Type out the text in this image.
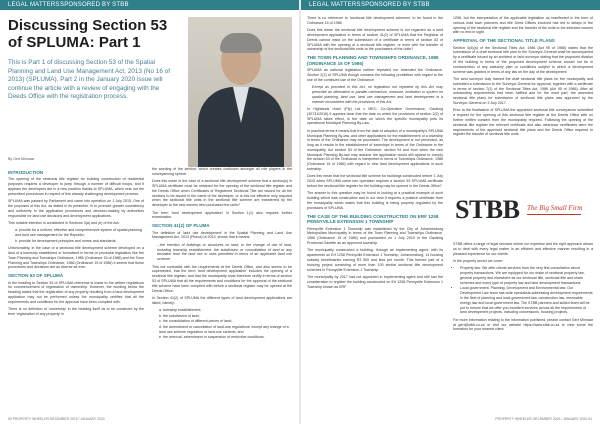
LEGAL MATTERS SPONSORED BY STBB	LEGAL MATTERS SPONSORED BY STBB
Discussing Section 53 of SPLUMA: Part 1

This is Part 1 of discussing Section 53 of the Spatial Planning and Land Use Management Act, 2013 (No 16 of 2013) (SPLUMA). Part 2 in the January 2020 issue will continue the article with a review of engaging with the Deeds Office with the registration process.

By Gert Minnaar

INTRODUCTION

The opening of the sectional title register for building construction of residential purposes requires a developer to jump through a number of difficult hoops, and it appears the developers are in a new position thanks to SPLUMA, which sets out the prescribed procedures in respect of this already challenging development process.

SPLUMA was passed by Parliament and came into operation on 1 July 2015. One of the purposes of this Act, as stated in its preamble, is to promote greater consistency and uniformity in the application procedures and decision-making by authorities responsible for land use decisions and development applications.

This notable intention is constituted in Sections 3(a) and (b) of the Act:

a. provide for a uniform, effective and comprehensive system of spatial planning and land use management for the Republic;
b. provide for development principles and norms and standards;

Unfortunately, in the case of a sectional title development scheme developed on a land of a township established or formalised in terms of provincial legislation like the Town Planning and Townships Ordinance, 1986 (Ordinance 15 of 1986) and the Town Planning and Townships Ordinance, 1986 (Ordinance 15 of 1986) it seems that these procedures and decisions are as diverse as ever.

SECTION 53 OF SPLUMA

In the heading to Section 53 of SPLUMA reference is made to the written regulations for commencement of registration of ownership. However, the wording below the heading states that the registration of any property resulting from a land development application may not be performed unless the municipality certifies that all the requirements and conditions for the approval have been complied with.

There is no definition of 'ownership' in the heading itself as to be construed by the term 'registration of any property' in

the wording of the section, which creates confusion amongst all role players in the conveyancing sphere.

Does this mean in the case of a sectional title development scheme that a section(s) in SPLUMA certificate must be obtained for the opening of the sectional title register and the Deeds Office when Certificates of Registered Sectional Title are issued for all the sections to be issued in the name of the developer, or is this not effective only required when the sectional title units in the sectional title scheme are transferred by the developer to the new owners who purchased the units?

The term 'land development application' in Section 1(1) also requires further examination.

SECTION 41(2) OF PLUMA

The definition of 'land use development' in the Spatial Planning and Land Use Management Act, 2013 (Pluma) of 2013, shows that it means:

...the erection of buildings or structures on land, or the change of use of land, including township establishment, the subdivision or consolidation of land or any deviation from the land use or uses permitted in terms of an applicable land use scheme;

This not contradict with the requirements at the Deeds Office, and also seems to be superseded, that the term 'land development application' includes the opening of a sectional title register, and that the municipality must therefore certify in terms of section 53 of SPLUMA that all the requirements and conditions for the approval of the sectional title scheme have been complied with before a sectional register may be opened at the Deeds Office.

In Section 41(2) of SPLUMA the different types of land development applications are listed, namely:

a. township establishment;
b. the subdivision of land;
c. the consolidation of different pieces of land;
d. the amendment or cancellation of land-use regulations, except any change of a land use scheme regulation or land-use scheme; and
e. the removal, amendment or suspension of restrictive conditions.

There is no reference to 'sectional title development schemes' to be found in the Ordinance 15 of 1986.

Does this mean the sectional title development scheme is not regarded as a land development application in terms of section 41(2) of SPLUMA that the Registrar of Deeds cannot insist on the submission of a certificate in terms of section 53 of SPLUMA with the opening of a sectional title register, or even with the transfer of ownership of the sectional title units to the purchasers of the units?

THE TOWN PLANNING AND TOWNSHIPS ORDINANCE, 1986 (ORDINANCE 15 OF 1986)

SPLUMA as national legislation neither repealed nor amended the Ordinance. Section 2(2) of SPLUMA though contains the following prohibition with regard to the use of the continued use of the Ordinance:

Except as provided in this Act, no legislation not repealed by this Act may prescribe an alternative or parallel mechanism, measure, institution or system on spatial planning, land use, land use management and land development in a manner inconsistent with the provisions of this Act.

In Highlands Hotel (Pty) Ltd v MEC: Co-Operative Governance, Gauteng (30731/2016) it appears clear that the date on which the provisions of section 2(2) of SPLUMA takes effect, is the date on which the specific municipality puts its operational Municipal Planning By-Law.

In practical terms it means that from the date of adoption of a municipality's SPLUMA Municipal Planning By-law, and other applications for the establishment of a township in terms of the Ordinance may be processed. The development is not prevented, as long as it results in the establishment of townships in terms of the Ordinance in the municipality, but section 53 of the Ordinance, section 94 and from when the new Municipal Planning By-law may assume the application would still appear to comply the section 53 of the Ordinance is interpreted in terms of Townships Ordinance, 1986 (Ordinance 15 of 1986) with regard to new land development applications in such township.

Does this mean that the sectional title scheme for buildings constructed before 1 July 2015 when SPLUMA came into operation requires a section 53 SPLUMA certificate before the sectional title register for the building may be opened in the Deeds Office?

The answer to this question may be found in looking at a practical example of such building which was constructed and in our view it requires a positive certificate from the municipality which states that this building is being properly regulated by the provisions of SPLUMA.

THE CASE OF THE BUILDING CONSTRUCTED ON ERF 1258 PENNYVILLE EXTENSION 1 TOWNSHIP

Pennyville Extension 1 Township was established by the City of Johannesburg Metropolitan Municipality in terms of the Town Planning and Townships Ordinance, 1986 (Ordinance 15 of 1986) and proclaimed on 1 July 2010 in the Gauteng Provincial Gazette as an approved township.

The municipality constructed a building, through an implementing agent, with its apartments on Erf 1258 Pennyville Extension 1 Township, Johannesburg, 14 housing subsidy beneficiaries earning R3 500 and less per month. This formed part of a housing project consisting of more than 100 similar sectional title development schemes in Pennyville Extension 1 Township.

The municipality by 2017 had not appointed in implementing agent and still had the consideration to register the building constructed on Erf 1258 Pennyville Extension 1 Township known as ERF

1258, but the interpretation of the applicable legislation as manifested in the form of various lead town planners and title Deed Offices involved has led to delays in the opening of the sectional title register and the transfer of the units to the intended owners with no end in sight.

APPROVAL OF THE SECTIONAL TITLE PLANS

Section 4(4)(a) of the Sectional Titles Act, 1986 (Act 95 of 1986) states that the submission of a draft sectional title plan to the Surveyor-General shall be accompanied by a certificate issued by an architect or land surveyor stating that the proposed division of the building in terms of the proposed development scheme should not be in contravention of any statutory plan or conditions subject to which a development scheme was granted in terms of any law on the day of the development.

The land surveyor duly framed the draft sectional title plans for the municipality and submitted a submission to the Surveyor-General for approval, together with a certificate in terms of section 7(1) of the Sectional Titles Act, 1986 (Act 95 of 1986). After all outstanding requirements had been fulfilled and for the most part, the amended sectional title plans for submission of sectional title plans was approved by the Surveyor-General on 3 July 2017.

Prior to the finalisation of SPLUMA the appointed sectional title conveyancer submitted a request for the opening of this sectional title register at the Deeds Office with no further written consent from the municipality required. Following the opening of the sectional title register the relevant certificate and also clearance certificates were the requirements of the approved sectional title plans and the Deeds Office required to register the transfer of sectional title units.

STBB The Big Small Firm

STBB offers a range of legal services where our expertise and the right approach allows us to deal with every legal matter in an efficient and effective manner resulting in a pleasant experience for our clients.

In the property sector we cover:

• Property law: We offer clients services from the very first consultation about property transactions. We are equipped for our make of sectional property law, general property and elsewhere as our sectional title, sectional title and share schemes and every type of property law and land development transactions.
• Local government, Planning, Development and Environmental law: Our Development Law team has wide specialists addressing development requirements in the field of planning and local government law, construction law, renewable energy law and local government law. The STBB partners and skilled team will be put to ensure that we offer you excellent services across all the requirements of land development projects, including concessions, housing projects.

For more information relating to the information published, please contact Gert Minnaar at gert@stbb.co.za or visit our website https://www.stbb.co.za to view some the formation for your nearest client.

50 PROPERTY WHEELER DECEMBER 2019 / JANUARY 2020	PROPERTY WHEELER DECEMBER 2019 / JANUARY 2020 51
